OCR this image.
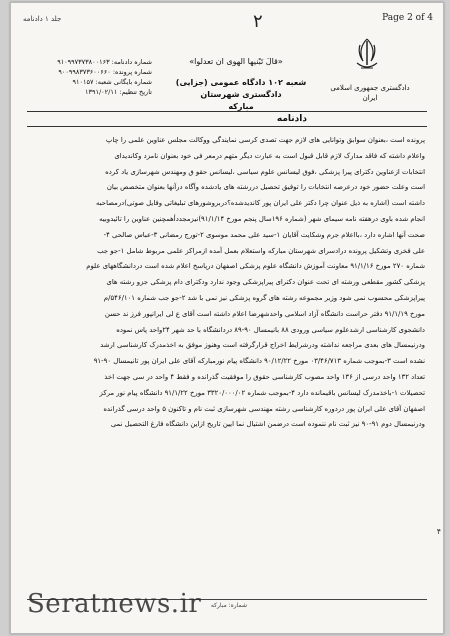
Page 2 of 4
۲
جلد ۱ دادنامه
دادگستری جمهوری اسلامی
ایران
«قالَ تَبْنيها الهوی ان تعدلوا»
شعبه ۱۰۲ دادگاه عمومی (جزایی) دادگستری شهرستان
مبارکه
شماره دادنامه: ۹۱۰۹۹۷۳۷۳۸۰۰۱۶۳
شماره پرونده: ۹۰۰۹۹۸۳۷۳۶۰۰۶۶۰
شماره بایگانی شعبه: ۹۱۰۱۵۷
تاریخ تنظیم: ۱۳۹۱/۰۲/۱۱
دادنامه

پرونده است ،بعنوان سوابق وتوانایی های لازم جهت تصدی کرسی نمایندگی ووکالت مجلس عناوین علمی را چاپ

واعلام داشته که فاقد مدارک لازم قابل قبول است به عبارت دیگر متهم درمعر فی خود بعنوان نامزد وکاندیدای

انتخابات ازعناوین دکترای پیرا پزشکی ،فوق لیسانس علوم سیاسی ،لیسانس حقو ق ومهندس شهرسازی یاد کرده

است وعلت حضور خود درعرصه انتخابات را توفیق تحصیل دررشته های یادشده وآگاه درآنها بعنوان متخصص بیان

داشته است (اشاره به ذیل عنوان چرا دکتر علی ایران پور کاندیدشده؟دربروشورهای تبلیغاتی وفایل صوتی)درمصاحبه

انجام شده باوی درهفته نامه سیمای شهر (شماره ۱۹۶سال پنجم مورخ ۹۱/۱/۱۴)نیزمجددأهمچنین عناوین را تائیدوبیه

صحت آنها اشاره دارد ،بااعلام جرم وشکایت آقایان ۱-سید علی محمد موسوی ۲-تورج رمضانی ۳-عباس صالحی ۴-

علی فخری وتشکیل پرونده درادسرای شهرستان مبارکه واستعلام بعمل آمده ازمراکز علمی مربوط شامل ۱-جو جب

شماره ۲۷۰ مورخ ۹۱/۱/۱۶ معاونت آموزش دانشگاه علوم پزشکی اصفهان درپاسخ اعلام شده است دردانشگاههای علوم

پزشکی کشور مقطعی ورشته ای تحت عنوان دکترای پیراپزشکی وجود ندارد ودکترای دام پزشکی جزو رشته های

پیراپزشکی محسوب نمی شود وزیر مجموعه رشته های گروه پزشکی نیز نمی با شد ۲-جو جب شماره ۵۴۶/۱۰۱/م

مورخ ۹۱/۱/۱۹ دفتر حراست دانشگاه آزاد اسلامی واحدشهرضا اعلام داشته است آقای ع لی ایرانپور فرز ند حسن

دانشجوی کارشناسی ارشدعلوم سیاسی ورودی ۸۸ بانیمسال ۹۰-۸۹ دردانشگاه با حد شهر ۲۴واحد پاس نموده

ودرنیمسال های بعدی مراجعه نداشته ودرشرایط اخراج قرارگرفته است وهنوز موفق به اخذمدرک کارشناسی ارشد

نشده است ۳-بموجب شماره ۰۳/۴۶/۷۱۳ مورخ ۹۰/۱۲/۲۲ دانشگاه پیام نورمبارکه آقای علی ایران پور تانیمسال ۹۰-۹۱

تعداد ۱۳۲ واحد درسی از ۱۳۶ واحد مصوب کارشناسی حقوق را موفقیت گذرانده و فقط ۴ واحد در سی جهت اخذ

تحصیلات ۱-باخذمدرک لیسانس باقیمانده دارد ۴-بموجب شماره ۳۳۲۰/۰۰۰/۰۲ مورخ ۹۱/۱/۲۲ دانشگاه پیام نور مرکز

اصفهان آقای علی ایران پور دردوره کارشناسی رشته مهندسی شهرسازی ثبت نام و تاکنون ۵ واحد درسی گذرانده

ودرنیمسال دوم ۹۱-۹۰ نیز ثبت نام ننموده است درضمن اشتیال نما ایین تاریخ ازاین دانشگاه فارغ التحصیل نمی

۴
شماره: مبارکه
Seratnews.ir
